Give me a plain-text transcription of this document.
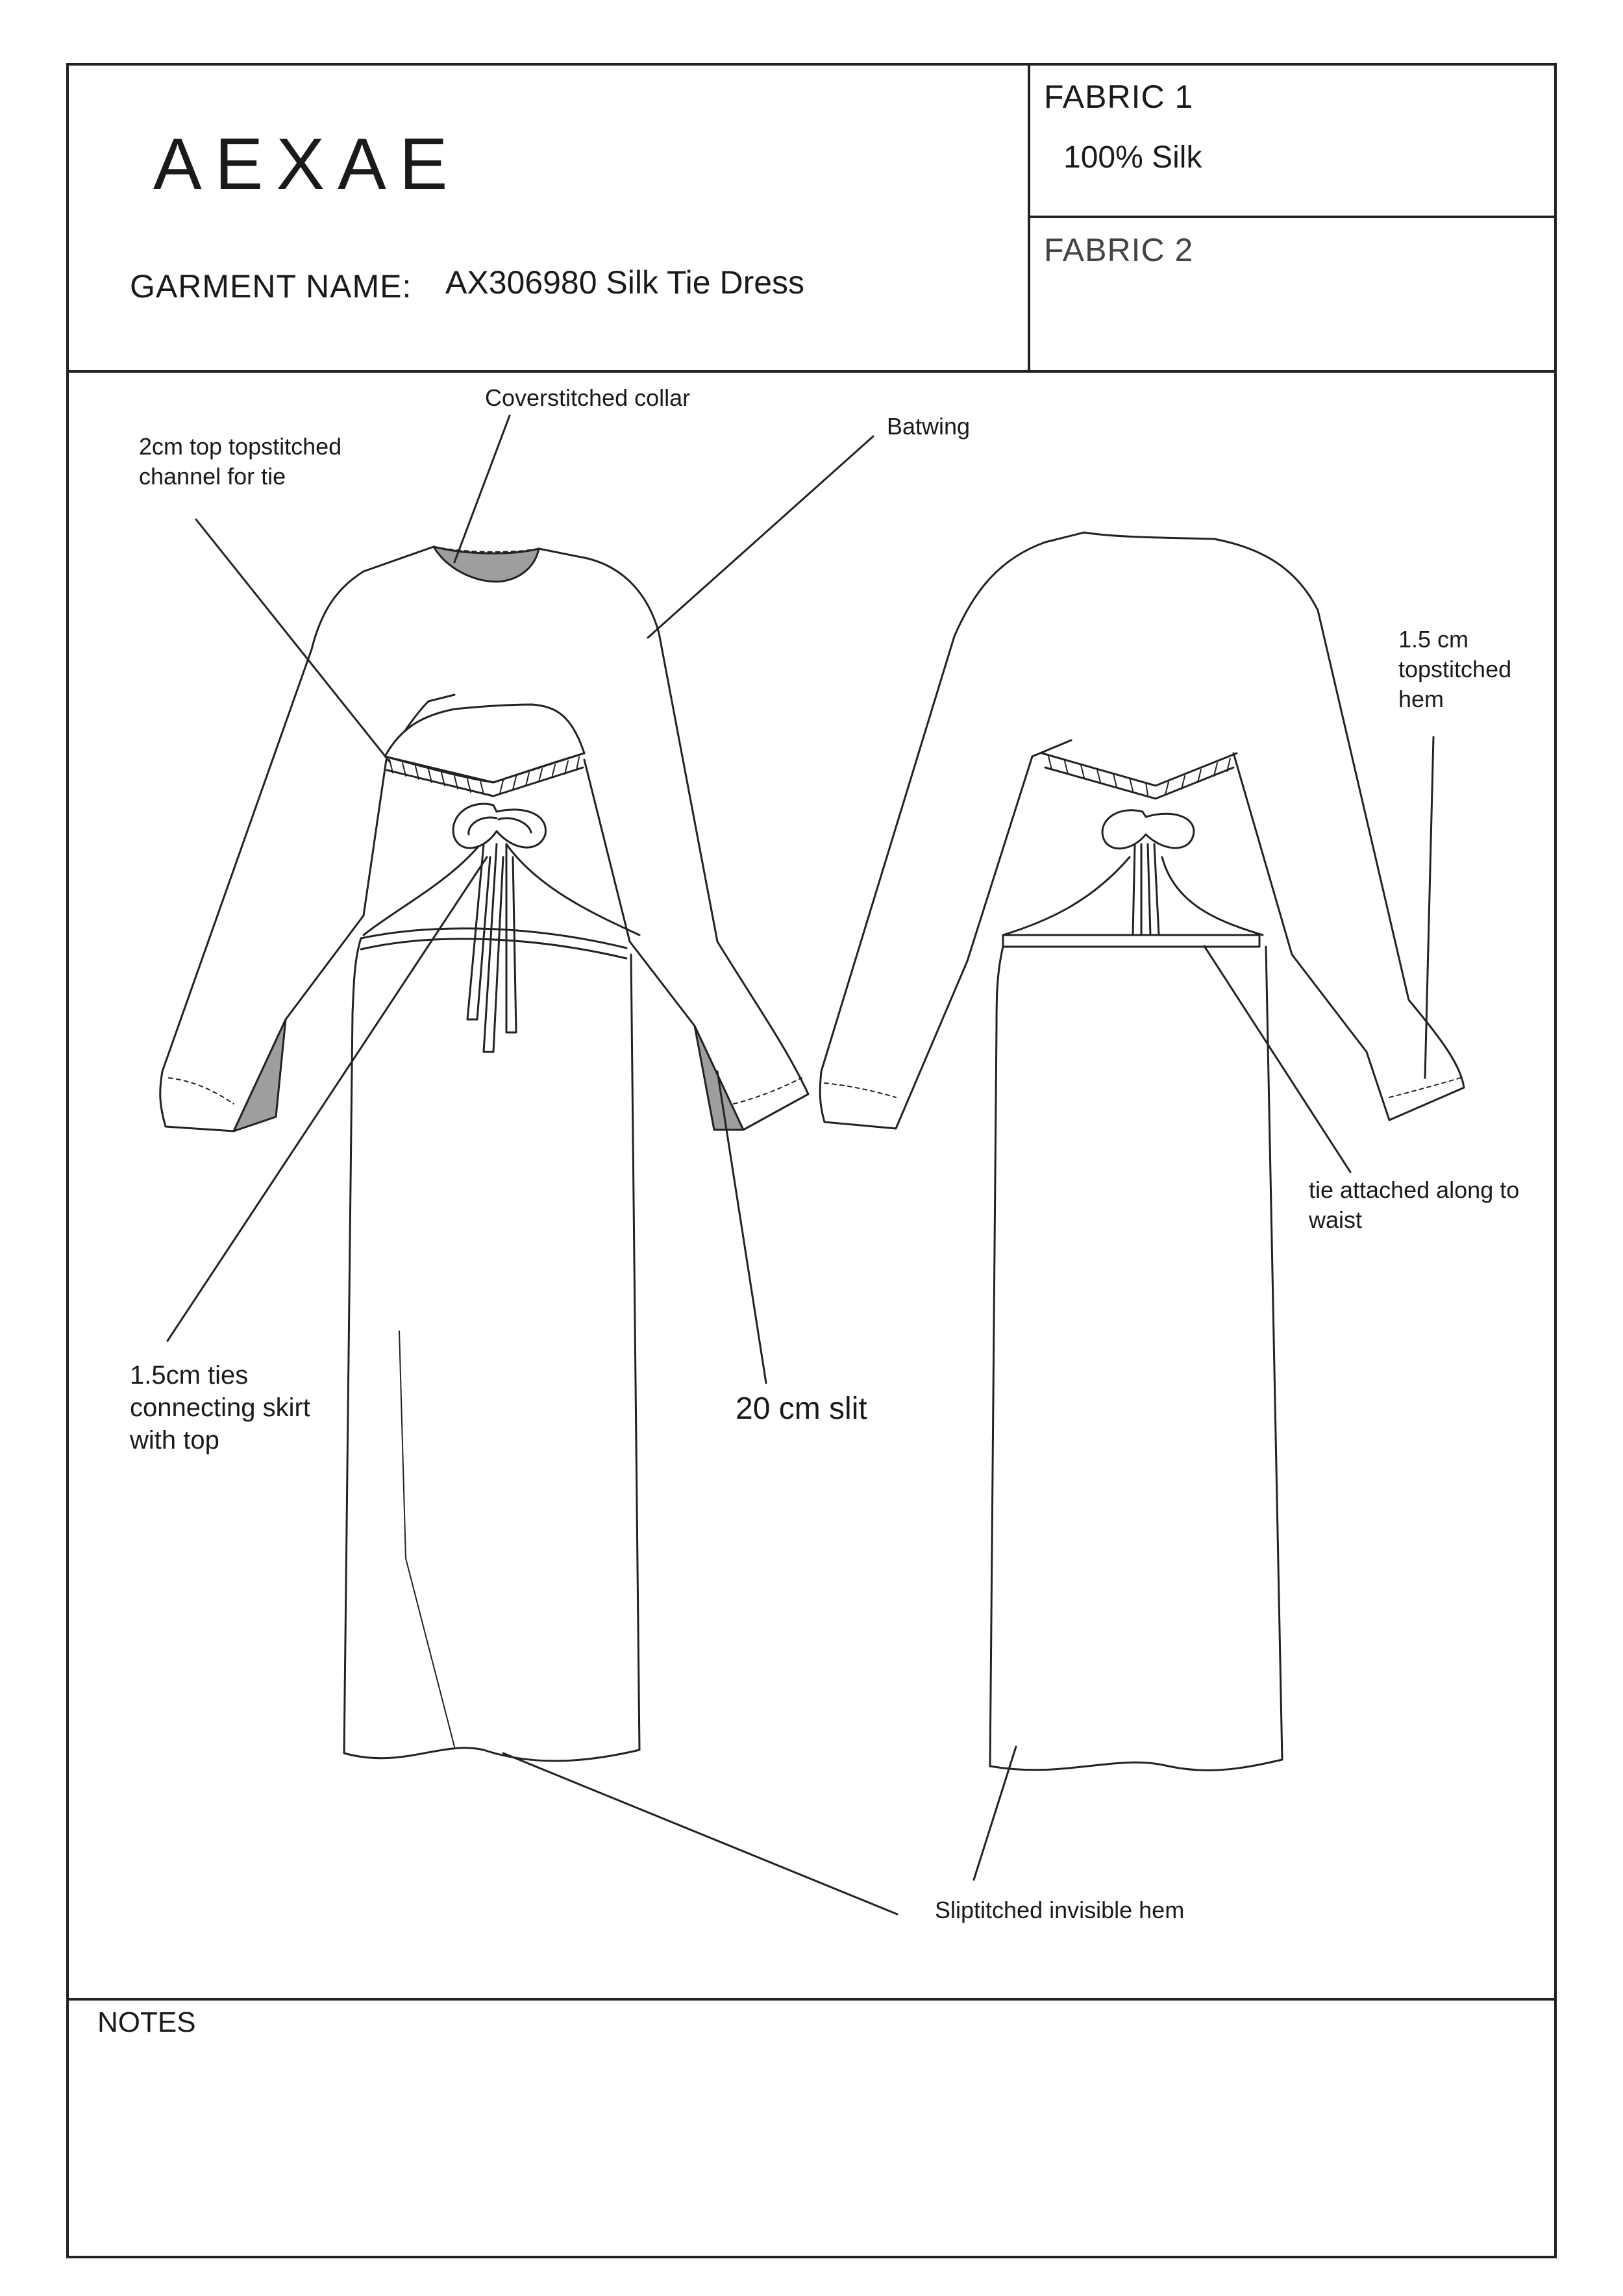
AEXAE
GARMENT NAME: AX306980 Silk Tie Dress
FABRIC 1
100% Silk
FABRIC 2
Coverstitched collar
Batwing
2cm top topstitched
channel for tie
1.5 cm
topstitched
hem
tie attached along to
waist
1.5cm ties
connecting skirt
with top
20 cm slit
Sliptitched invisible hem
NOTES
